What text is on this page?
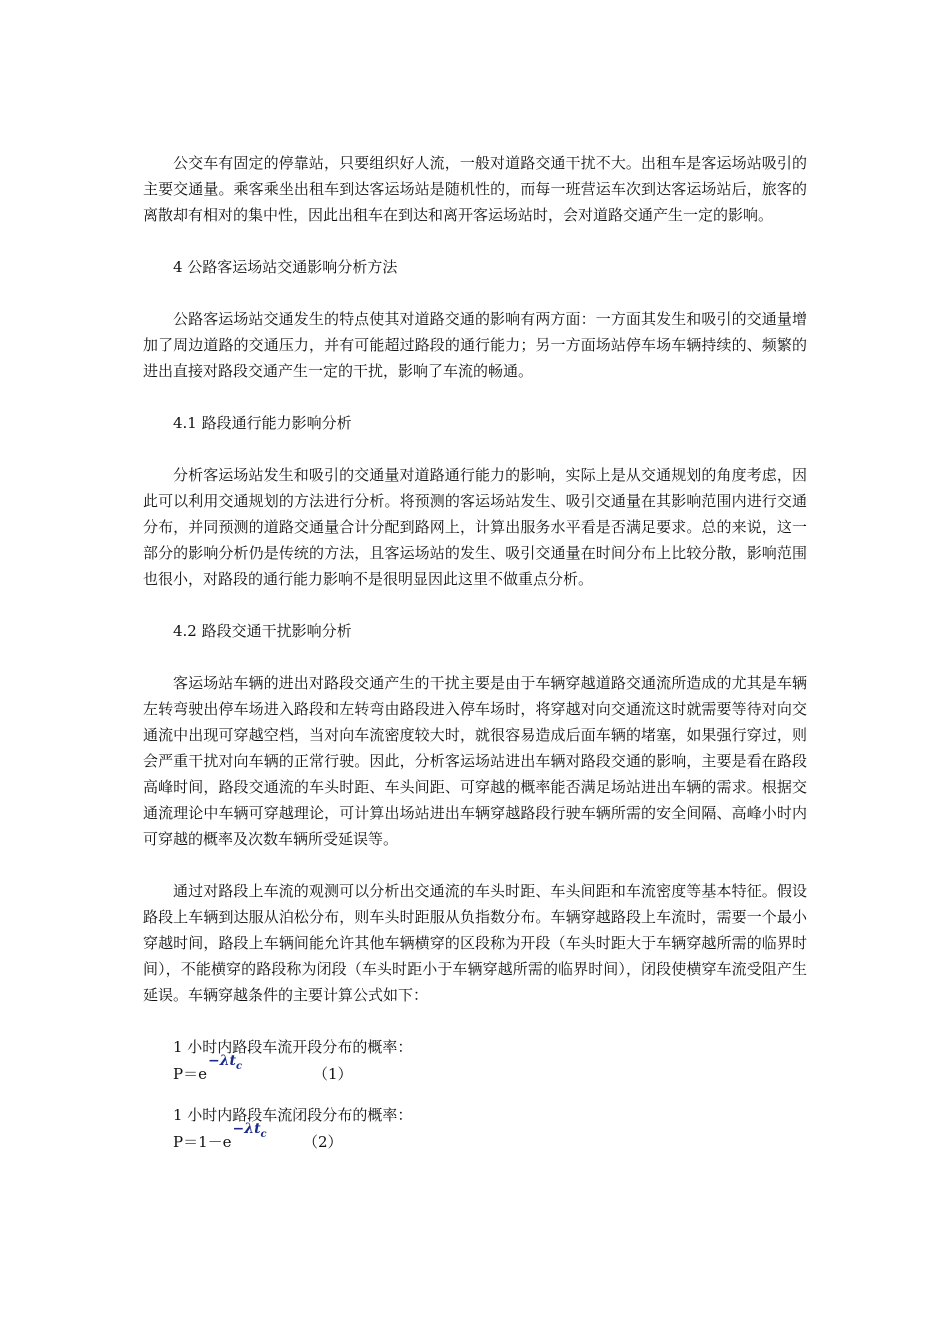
公交车有固定的停靠站，只要组织好人流，一般对道路交通干扰不大。出租车是客运场站吸引的主要交通量。乘客乘坐出租车到达客运场站是随机性的，而每一班营运车次到达客运场站后，旅客的离散却有相对的集中性，因此出租车在到达和离开客运场站时，会对道路交通产生一定的影响。

4 公路客运场站交通影响分析方法

公路客运场站交通发生的特点使其对道路交通的影响有两方面：一方面其发生和吸引的交通量增加了周边道路的交通压力，并有可能超过路段的通行能力；另一方面场站停车场车辆持续的、频繁的进出直接对路段交通产生一定的干扰，影响了车流的畅通。

4.1 路段通行能力影响分析

分析客运场站发生和吸引的交通量对道路通行能力的影响，实际上是从交通规划的角度考虑，因此可以利用交通规划的方法进行分析。将预测的客运场站发生、吸引交通量在其影响范围内进行交通分布，并同预测的道路交通量合计分配到路网上，计算出服务水平看是否满足要求。总的来说，这一部分的影响分析仍是传统的方法，且客运场站的发生、吸引交通量在时间分布上比较分散，影响范围也很小，对路段的通行能力影响不是很明显因此这里不做重点分析。

4.2 路段交通干扰影响分析

客运场站车辆的进出对路段交通产生的干扰主要是由于车辆穿越道路交通流所造成的尤其是车辆左转弯驶出停车场进入路段和左转弯由路段进入停车场时，将穿越对向交通流这时就需要等待对向交通流中出现可穿越空档，当对向车流密度较大时，就很容易造成后面车辆的堵塞，如果强行穿过，则会严重干扰对向车辆的正常行驶。因此，分析客运场站进出车辆对路段交通的影响，主要是看在路段高峰时间，路段交通流的车头时距、车头间距、可穿越的概率能否满足场站进出车辆的需求。根据交通流理论中车辆可穿越理论，可计算出场站进出车辆穿越路段行驶车辆所需的安全间隔、高峰小时内可穿越的概率及次数车辆所受延误等。

通过对路段上车流的观测可以分析出交通流的车头时距、车头间距和车流密度等基本特征。假设路段上车辆到达服从泊松分布，则车头时距服从负指数分布。车辆穿越路段上车流时，需要一个最小穿越时间，路段上车辆间能允许其他车辆横穿的区段称为开段（车头时距大于车辆穿越所需的临界时间），不能横穿的路段称为闭段（车头时距小于车辆穿越所需的临界时间），闭段使横穿车流受阻产生延误。车辆穿越条件的主要计算公式如下：

1 小时内路段车流开段分布的概率：

$P=e-\lambda t_c$	（1）

1 小时内路段车流闭段分布的概率：

$P=1-e-\lambda t_c$ （2）
